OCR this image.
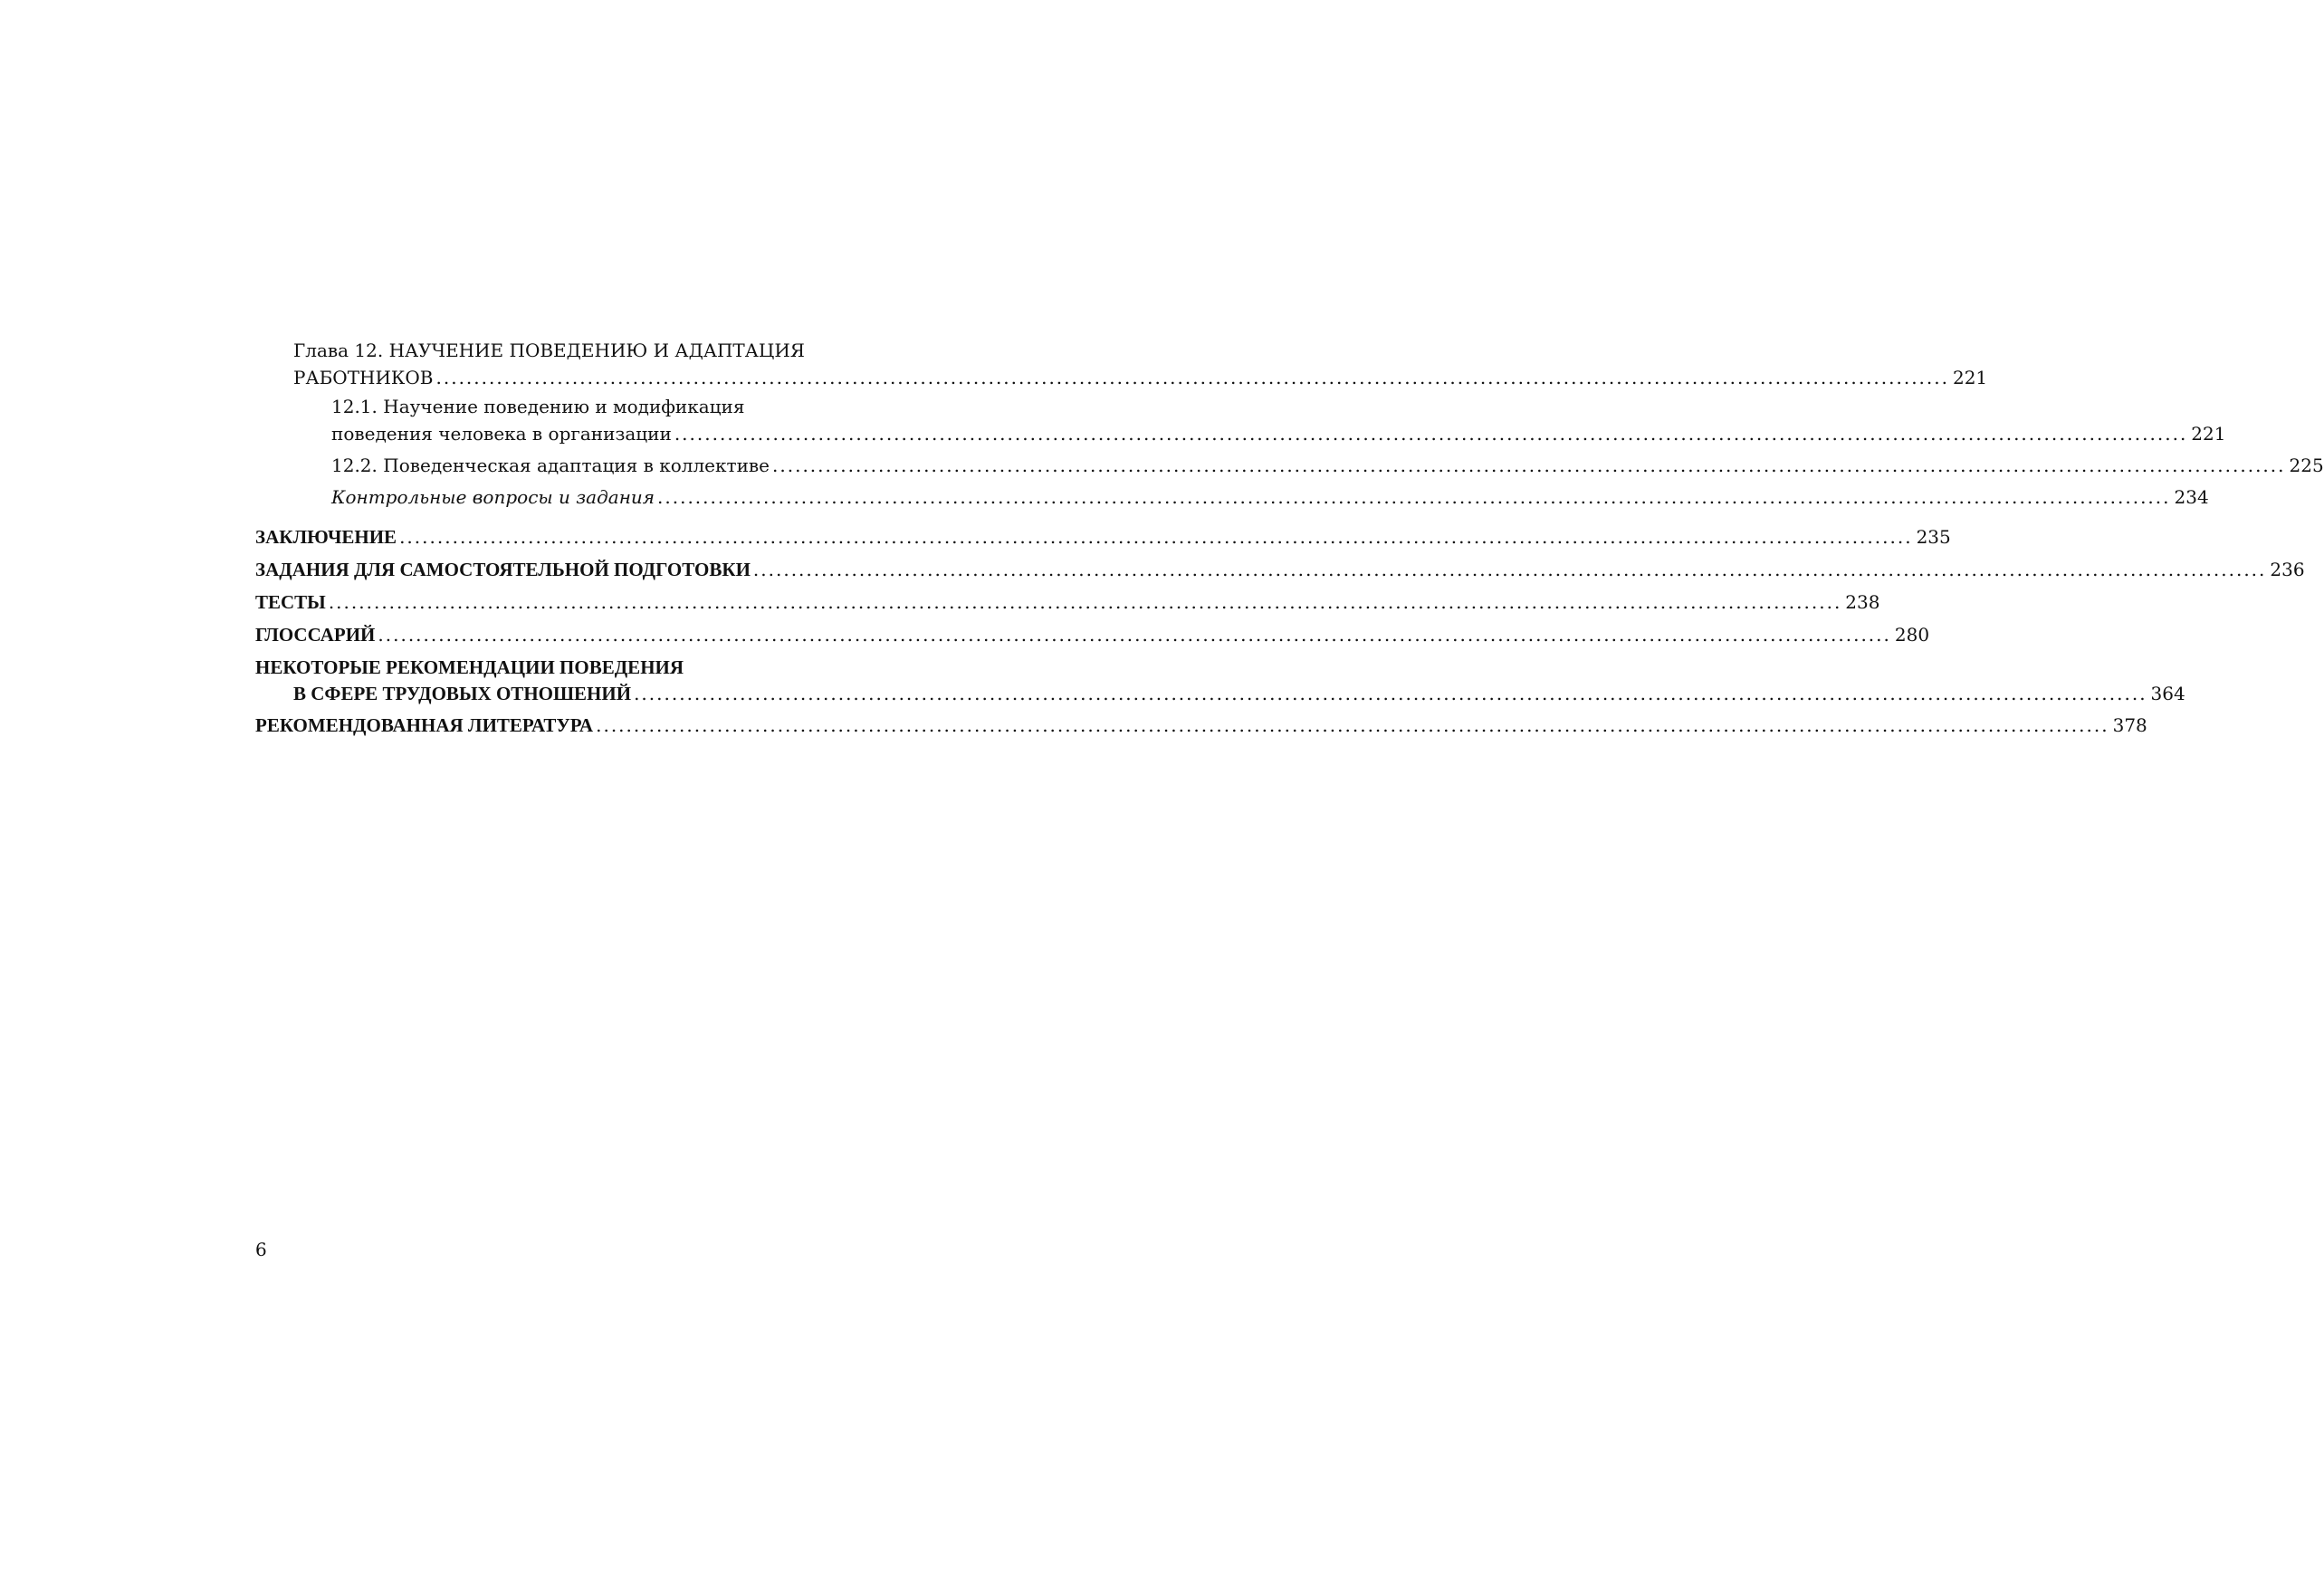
Глава 12. НАУЧЕНИЕ ПОВЕДЕНИЮ И АДАПТАЦИЯ
РАБОТНИКОВ ........................................................................................................................................................................................................ 221
12.1. Научение поведению и модификация
поведения человека в организации ........................................................................................................................................................................................................ 221
12.2. Поведенческая адаптация в коллективе ........................................................................................................................................................................................................ 225
Контрольные вопросы и задания ........................................................................................................................................................................................................ 234
ЗАКЛЮЧЕНИЕ ........................................................................................................................................................................................................ 235
ЗАДАНИЯ ДЛЯ САМОСТОЯТЕЛЬНОЙ ПОДГОТОВКИ ........................................................................................................................................................................................................ 236
ТЕСТЫ ........................................................................................................................................................................................................ 238
ГЛОССАРИЙ ........................................................................................................................................................................................................ 280
НЕКОТОРЫЕ РЕКОМЕНДАЦИИ ПОВЕДЕНИЯ
В СФЕРЕ ТРУДОВЫХ ОТНОШЕНИЙ ........................................................................................................................................................................................................ 364
РЕКОМЕНДОВАННАЯ ЛИТЕРАТУРА ........................................................................................................................................................................................................ 378
6
